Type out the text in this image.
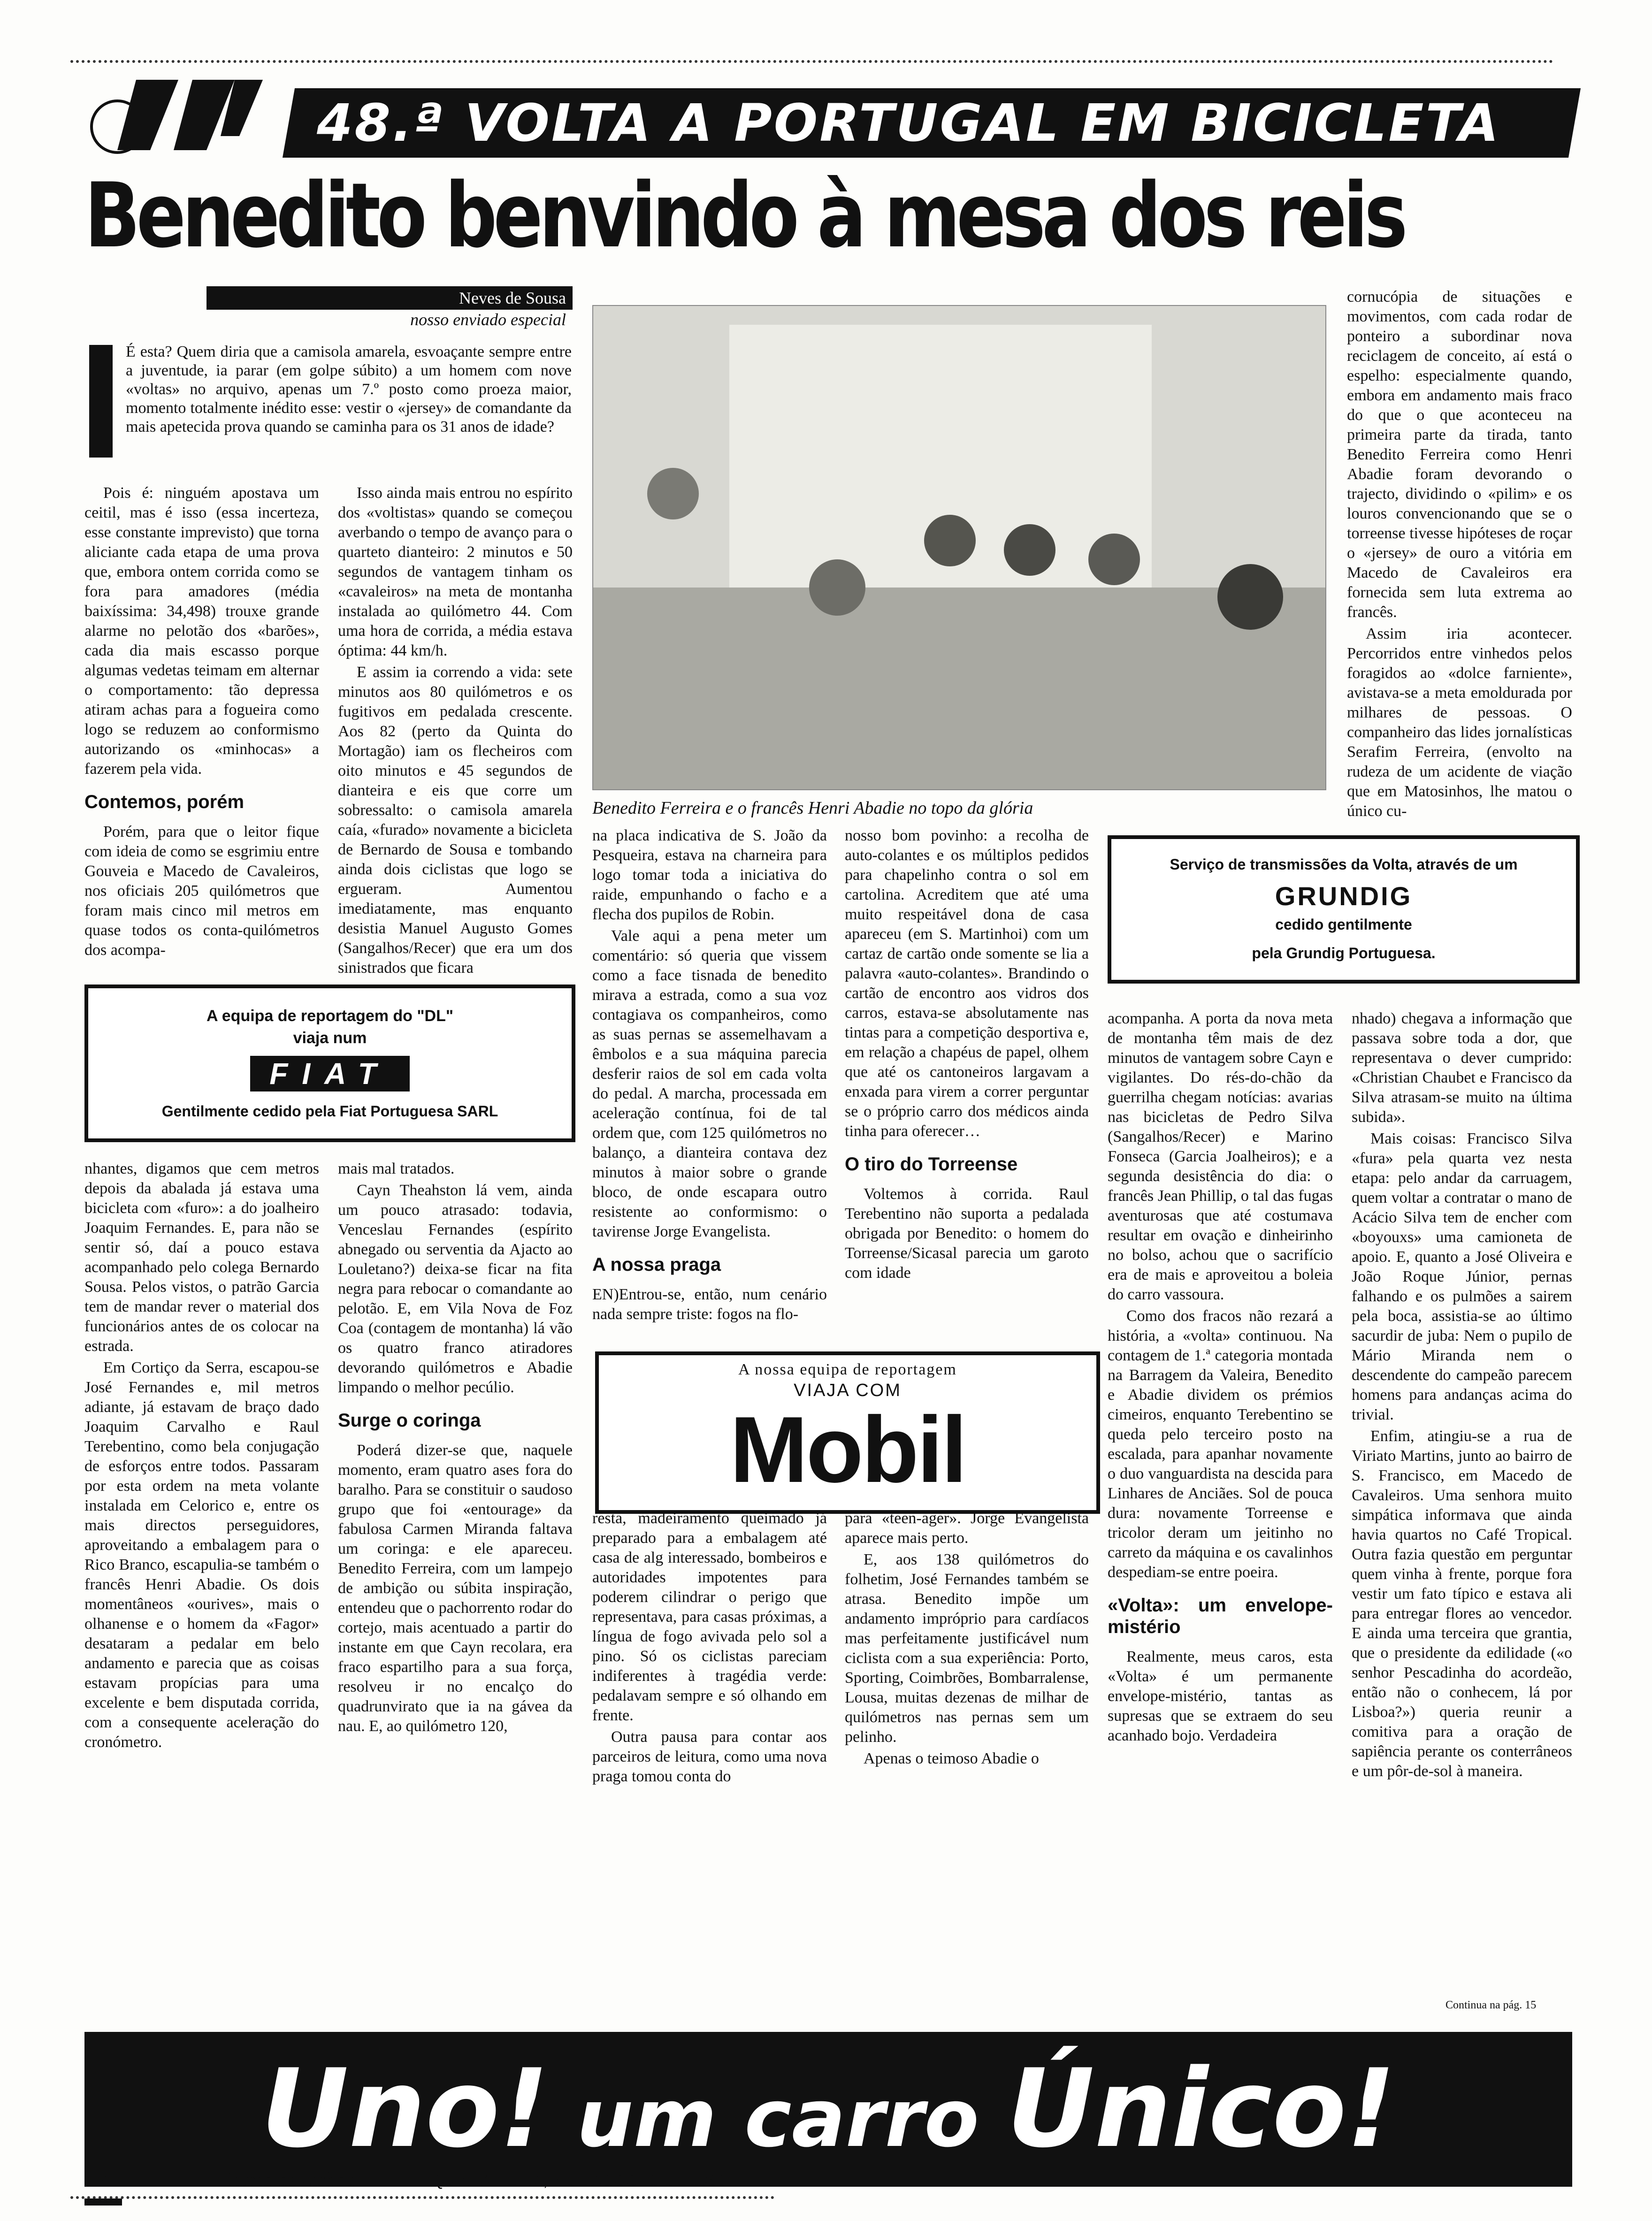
48.ª VOLTA A PORTUGAL EM BICICLETA
Benedito benvindo à mesa dos reis
Neves de Sousa
nosso enviado especial
É esta? Quem diria que a camisola amarela, esvoaçante sempre entre a juventude, ia parar (em golpe súbito) a um homem com nove «voltas» no arquivo, apenas um 7.º posto como proeza maior, momento totalmente inédito esse: vestir o «jersey» de comandante da mais apetecida prova quando se caminha para os 31 anos de idade?
Benedito Ferreira e o francês Henri Abadie no topo da glória

Pois é: ninguém apostava um ceitil, mas é isso (essa incerteza, esse constante imprevisto) que torna aliciante cada etapa de uma prova que, embora ontem corrida como se fora para amadores (média baixíssima: 34,498) trouxe grande alarme no pelotão dos «barões», cada dia mais escasso porque algumas vedetas teimam em alternar o comportamento: tão depressa atiram achas para a fogueira como logo se reduzem ao conformismo autorizando os «minhocas» a fazerem pela vida.

Contemos, porém

Porém, para que o leitor fique com ideia de como se esgrimiu entre Gouveia e Macedo de Cavaleiros, nos oficiais 205 quilómetros que foram mais cinco mil metros em quase todos os conta-quilómetros dos acompa-

Isso ainda mais entrou no espírito dos «voltistas» quando se começou averbando o tempo de avanço para o quarteto dianteiro: 2 minutos e 50 segundos de vantagem tinham os «cavaleiros» na meta de montanha instalada ao quilómetro 44. Com uma hora de corrida, a média estava óptima: 44 km/h.

E assim ia correndo a vida: sete minutos aos 80 quilómetros e os fugitivos em pedalada crescente. Aos 82 (perto da Quinta do Mortagão) iam os flecheiros com oito minutos e 45 segundos de dianteira e eis que corre um sobressalto: o camisola amarela caía, «furado» novamente a bicicleta de Bernardo de Sousa e tombando ainda dois ciclistas que logo se ergueram. Aumentou imediatamente, mas enquanto desistia Manuel Augusto Gomes (Sangalhos/Recer) que era um dos sinistrados que ficara

cornucópia de situações e movimentos, com cada rodar de ponteiro a subordinar nova reciclagem de conceito, aí está o espelho: especialmente quando, embora em andamento mais fraco do que o que aconteceu na primeira parte da tirada, tanto Benedito Ferreira como Henri Abadie foram devorando o trajecto, dividindo o «pilim» e os louros convencionando que se o torreense tivesse hipóteses de roçar o «jersey» de ouro a vitória em Macedo de Cavaleiros era fornecida sem luta extrema ao francês.

Assim iria acontecer. Percorridos entre vinhedos pelos foragidos ao «dolce farniente», avistava-se a meta emoldurada por milhares de pessoas. O companheiro das lides jornalísticas Serafim Ferreira, (envolto na rudeza de um acidente de viação que em Matosinhos, lhe matou o único cu-

na placa indicativa de S. João da Pesqueira, estava na charneira para logo tomar toda a iniciativa do raide, empunhando o facho e a flecha dos pupilos de Robin.

Vale aqui a pena meter um comentário: só queria que vissem como a face tisnada de benedito mirava a estrada, como a sua voz contagiava os companheiros, como as suas pernas se assemelhavam a êmbolos e a sua máquina parecia desferir raios de sol em cada volta do pedal. A marcha, processada em aceleração contínua, foi de tal ordem que, com 125 quilómetros no balanço, a dianteira contava dez minutos à maior sobre o grande bloco, de onde escapara outro resistente ao conformismo: o tavirense Jorge Evangelista.

A nossa praga

EN)Entrou-se, então, num cenário nada sempre triste: fogos na flo-

nosso bom povinho: a recolha de auto-colantes e os múltiplos pedidos para chapelinho contra o sol em cartolina. Acreditem que até uma muito respeitável dona de casa apareceu (em S. Martinhoi) com um cartaz de cartão onde somente se lia a palavra «auto-colantes». Brandindo o cartão de encontro aos vidros dos carros, estava-se absolutamente nas tintas para a competição desportiva e, em relação a chapéus de papel, olhem que até os cantoneiros largavam a enxada para virem a correr perguntar se o próprio carro dos médicos ainda tinha para oferecer…

O tiro do Torreense

Voltemos à corrida. Raul Terebentino não suporta a pedalada obrigada por Benedito: o homem do Torreense/Sicasal parecia um garoto com idade

Serviço de transmissões da Volta, através de um
GRUNDIG
cedido gentilmente
pela Grundig Portuguesa.
A equipa de reportagem do "DL"
viaja num
FIAT
Gentilmente cedido pela Fiat Portuguesa SARL
A nossa equipa de reportagem
VIAJA COM
Mobil

acompanha. A porta da nova meta de montanha têm mais de dez minutos de vantagem sobre Cayn e vigilantes. Do rés-do-chão da guerrilha chegam notícias: avarias nas bicicletas de Pedro Silva (Sangalhos/Recer) e Marino Fonseca (Garcia Joalheiros); e a segunda desistência do dia: o francês Jean Phillip, o tal das fugas aventurosas que até costumava resultar em ovação e dinheirinho no bolso, achou que o sacrifício era de mais e aproveitou a boleia do carro vassoura.

Como dos fracos não rezará a história, a «volta» continuou. Na contagem de 1.ª categoria montada na Barragem da Valeira, Benedito e Abadie dividem os prémios cimeiros, enquanto Terebentino se queda pelo terceiro posto na escalada, para apanhar novamente o duo vanguardista na descida para Linhares de Anciães. Sol de pouca dura: novamente Torreense e tricolor deram um jeitinho no carreto da máquina e os cavalinhos despediam-se entre poeira.

«Volta»: um envelope-mistério

Realmente, meus caros, esta «Volta» é um permanente envelope-mistério, tantas as supresas que se extraem do seu acanhado bojo. Verdadeira

nhado) chegava a informação que passava sobre toda a dor, que representava o dever cumprido: «Christian Chaubet e Francisco da Silva atrasam-se muito na última subida».

Mais coisas: Francisco Silva «fura» pela quarta vez nesta etapa: pelo andar da carruagem, quem voltar a contratar o mano de Acácio Silva tem de encher com «boyouxs» uma camioneta de apoio. E, quanto a José Oliveira e João Roque Júnior, pernas falhando e os pulmões a sairem pela boca, assistia-se ao último sacurdir de juba: Nem o pupilo de Mário Miranda nem o descendente do campeão parecem homens para andanças acima do trivial.

Enfim, atingiu-se a rua de Viriato Martins, junto ao bairro de S. Francisco, em Macedo de Cavaleiros. Uma senhora muito simpática informava que ainda havia quartos no Café Tropical. Outra fazia questão em perguntar quem vinha à frente, porque fora vestir um fato típico e estava ali para entregar flores ao vencedor. E ainda uma terceira que grantia, que o presidente da edilidade («o senhor Pescadinha do acordeão, então não o conhecem, lá por Lisboa?») queria reunir a comitiva para a oração de sapiência perante os conterrâneos e um pôr-de-sol à maneira.

Continua na pág. 15

nhantes, digamos que cem metros depois da abalada já estava uma bicicleta com «furo»: a do joalheiro Joaquim Fernandes. E, para não se sentir só, daí a pouco estava acompanhado pelo colega Bernardo Sousa. Pelos vistos, o patrão Garcia tem de mandar rever o material dos funcionários antes de os colocar na estrada.

Em Cortiço da Serra, escapou-se José Fernandes e, mil metros adiante, já estavam de braço dado Joaquim Carvalho e Raul Terebentino, como bela conjugação de esforços entre todos. Passaram por esta ordem na meta volante instalada em Celorico e, entre os mais directos perseguidores, aproveitando a embalagem para o Rico Branco, escapulia-se também o francês Henri Abadie. Os dois momentâneos «ourives», mais o olhanense e o homem da «Fagor» desataram a pedalar em belo andamento e parecia que as coisas estavam propícias para uma excelente e bem disputada corrida, com a consequente aceleração do cronómetro.

mais mal tratados.

Cayn Theahston lá vem, ainda um pouco atrasado: todavia, Venceslau Fernandes (espírito abnegado ou serventia da Ajacto ao Louletano?) deixa-se ficar na fita negra para rebocar o comandante ao pelotão. E, em Vila Nova de Foz Coa (contagem de montanha) lá vão os quatro franco atiradores devorando quilómetros e Abadie limpando o melhor pecúlio.

Surge o coringa

Poderá dizer-se que, naquele momento, eram quatro ases fora do baralho. Para se constituir o saudoso grupo que foi «entourage» da fabulosa Carmen Miranda faltava um coringa: e ele apareceu. Benedito Ferreira, com um lampejo de ambição ou súbita inspiração, entendeu que o pachorrento rodar do cortejo, mais acentuado a partir do instante em que Cayn recolara, era fraco espartilho para a sua força, resolveu ir no encalço do quadrunvirato que ia na gávea da nau. E, ao quilómetro 120,

resta, madeiramento queimado já preparado para a embalagem até casa de alg interessado, bombeiros e autoridades impotentes para poderem cilindrar o perigo que representava, para casas próximas, a língua de fogo avivada pelo sol a pino. Só os ciclistas pareciam indiferentes à tragédia verde: pedalavam sempre e só olhando em frente.

Outra pausa para contar aos parceiros de leitura, como uma nova praga tomou conta do

para «teen-ager». Jorge Evangelista aparece mais perto.

E, aos 138 quilómetros do folhetim, José Fernandes também se atrasa. Benedito impõe um andamento impróprio para cardíacos mas perfeitamente justificável num ciclista com a sua experiência: Porto, Sporting, Coimbrões, Bombarralense, Lousa, muitas dezenas de milhar de quilómetros nas pernas sem um pelinho.

Apenas o teimoso Abadie o

Uno! um carro Único!
14	Diário de Lisboa	QUINTA-FEIRA, 7 DE AGOSTO DE 1986
